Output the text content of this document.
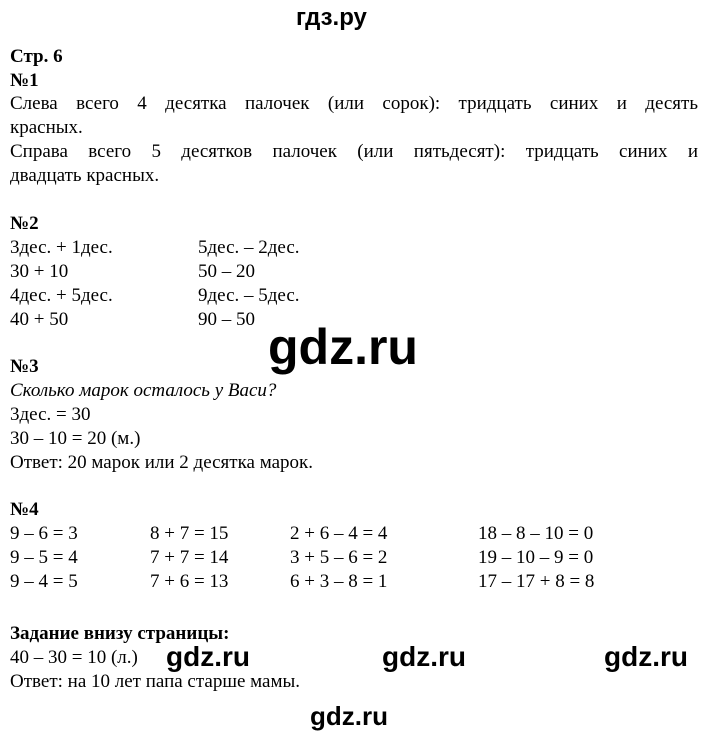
гдз.ру
Стр. 6
№1
Слева всего 4 десятка палочек (или сорок): тридцать синих и десять
красных.
Справа всего 5 десятков палочек (или пятьдесят): тридцать синих и
двадцать красных.
№2
3дес. + 1дес.	5дес. – 2дес.
30 + 10	50 – 20
4дес. + 5дес.	9дес. – 5дес.
40 + 50	90 – 50 gdz.ru
№3
Сколько марок осталось у Васи?
3дес. = 30
30 – 10 = 20 (м.)
Ответ: 20 марок или 2 десятка марок.
№4
9 – 6 = 3	8 + 7 = 15	2 + 6 – 4 = 4	18 – 8 – 10 = 0
9 – 5 = 4	7 + 7 = 14	3 + 5 – 6 = 2	19 – 10 – 9 = 0
9 – 4 = 5	7 + 6 = 13	6 + 3 – 8 = 1	17 – 17 + 8 = 8
Задание внизу страницы:
40 – 30 = 10 (л.)
Ответ: на 10 лет папа старше мамы.
gdz.ru	gdz.ru	gdz.ru
gdz.ru
